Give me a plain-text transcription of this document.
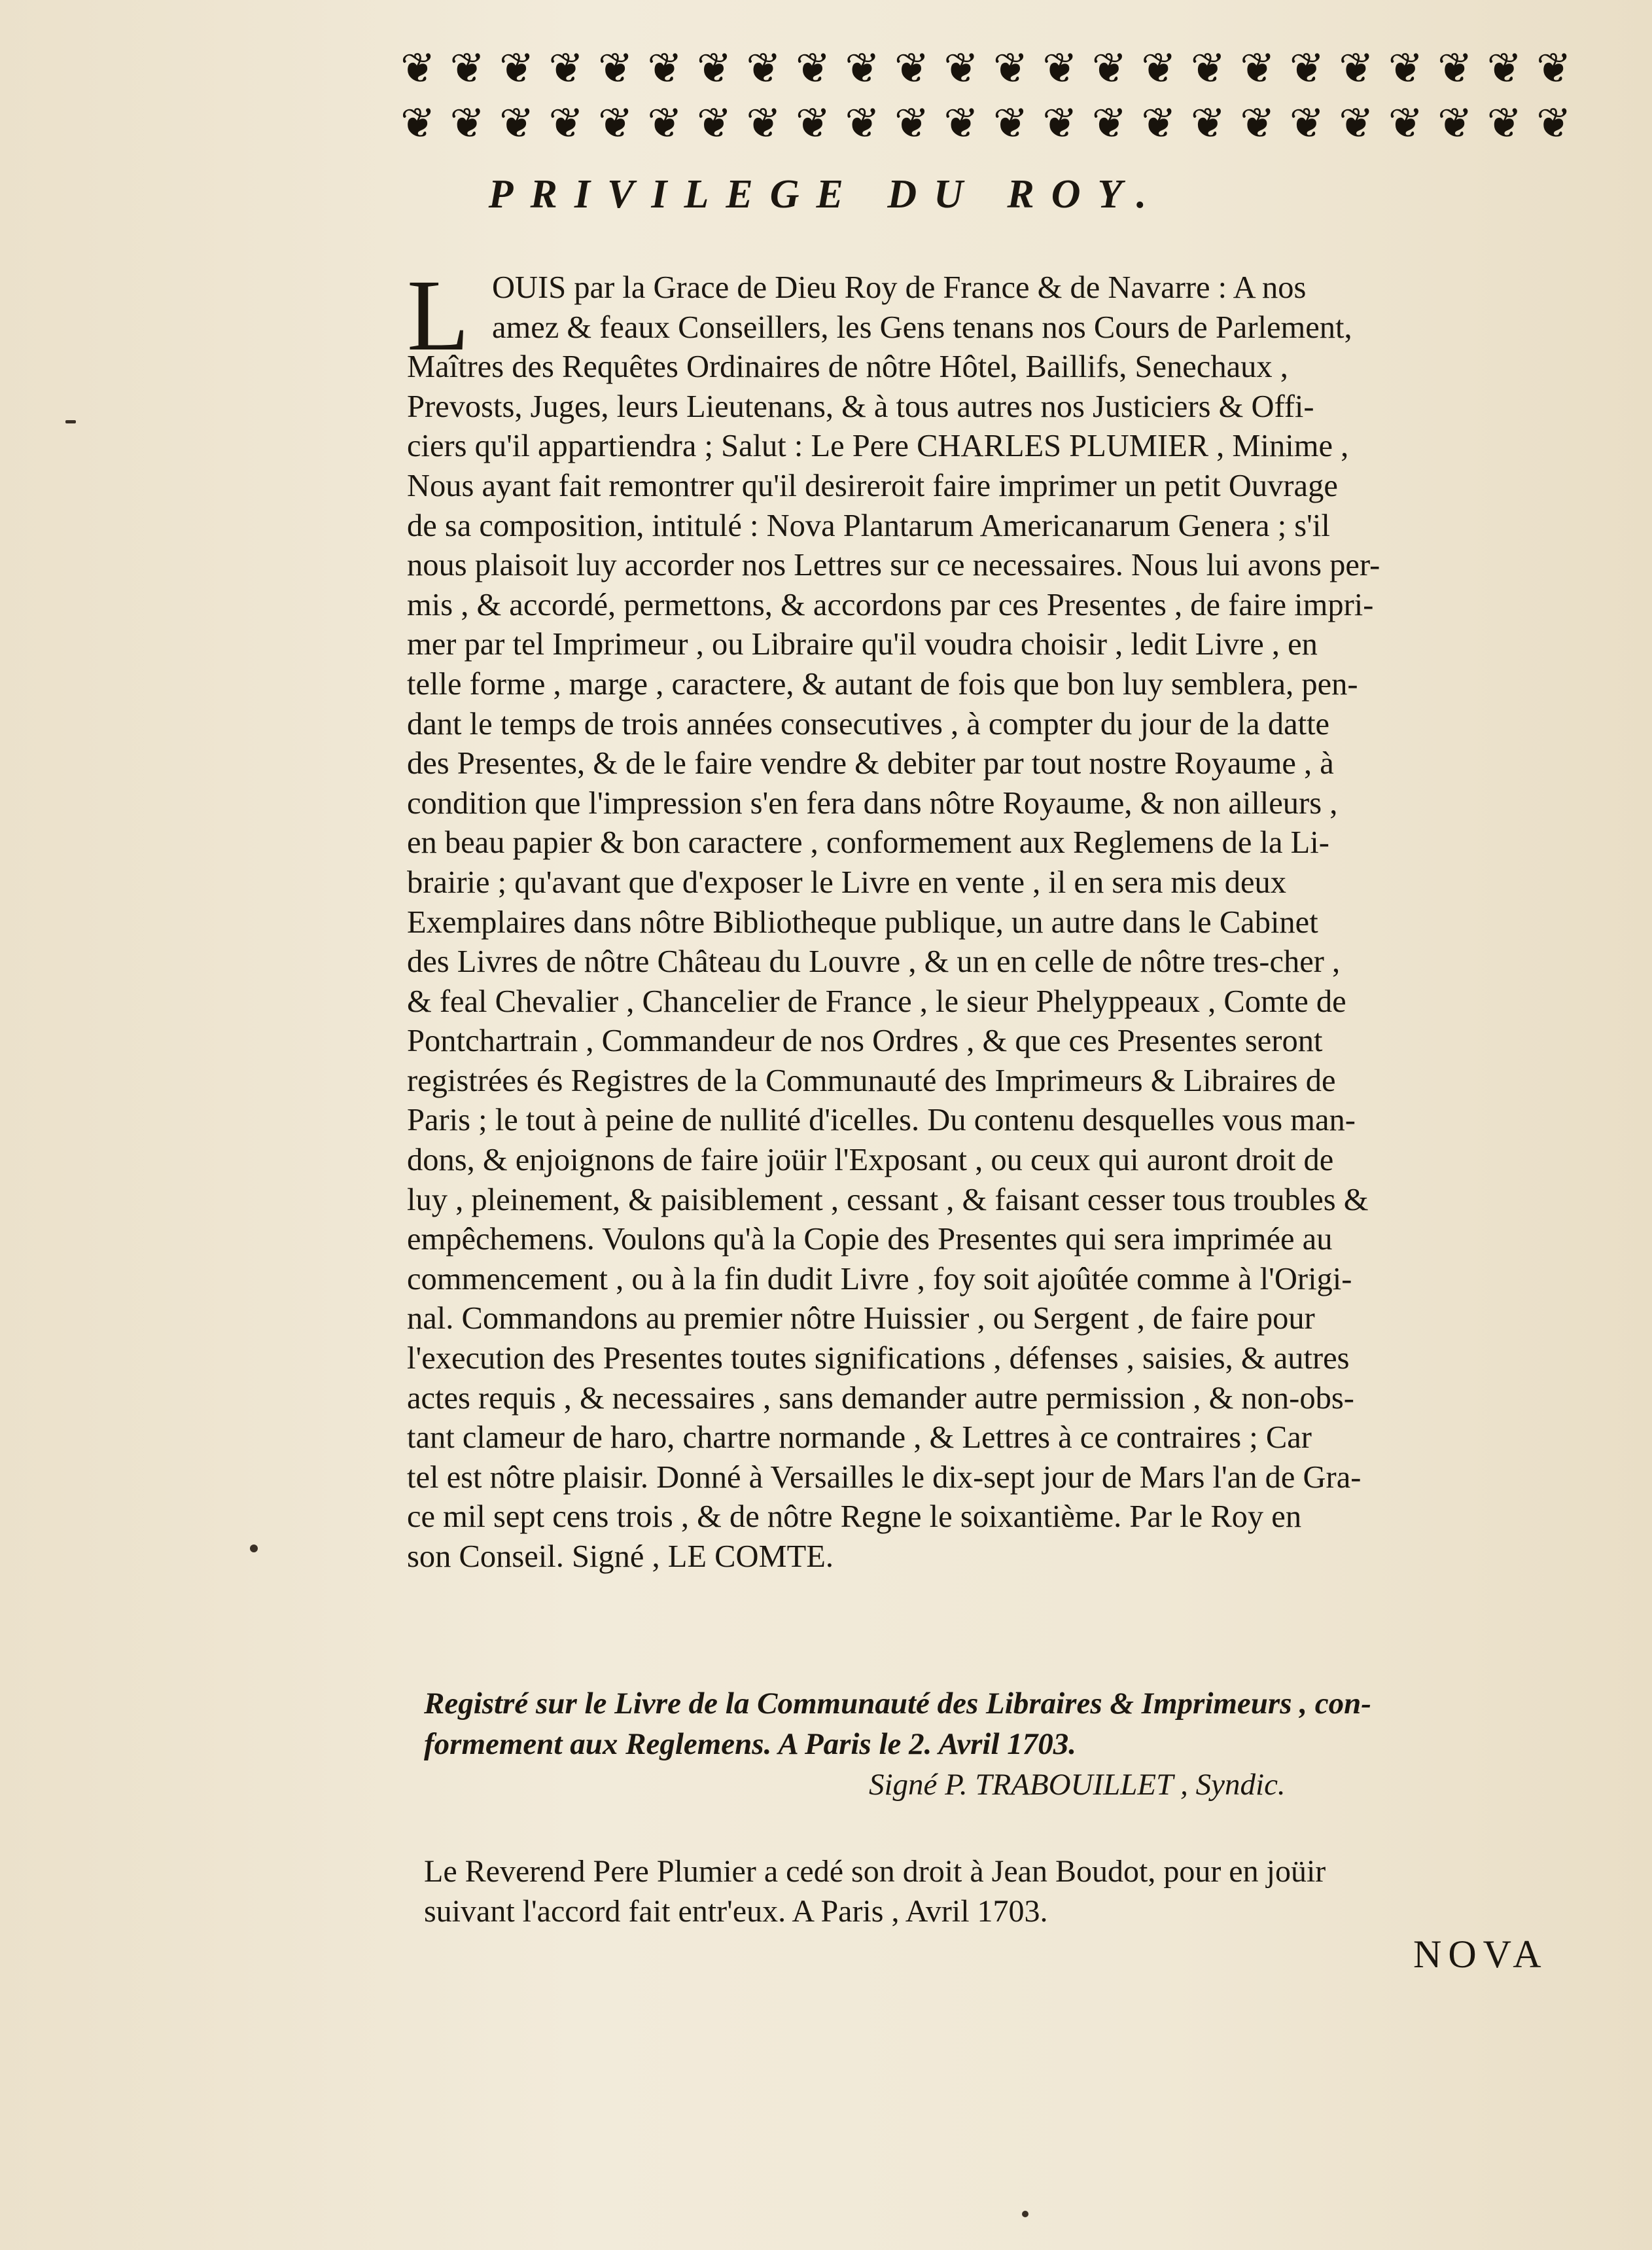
❦ ❦ ❦ ❦ ❦ ❦ ❦ ❦ ❦ ❦ ❦ ❦ ❦ ❦ ❦ ❦ ❦ ❦ ❦ ❦ ❦ ❦ ❦ ❦
❦ ❦ ❦ ❦ ❦ ❦ ❦ ❦ ❦ ❦ ❦ ❦ ❦ ❦ ❦ ❦ ❦ ❦ ❦ ❦ ❦ ❦ ❦ ❦
PRIVILEGE DU ROY.
L OUIS par la Grace de Dieu Roy de France & de Navarre : A nos
amez & feaux Conseillers, les Gens tenans nos Cours de Parlement,
Maîtres des Requêtes Ordinaires de nôtre Hôtel, Baillifs, Senechaux ,
Prevosts, Juges, leurs Lieutenans, & à tous autres nos Justiciers & Offi-
ciers qu'il appartiendra ; Salut : Le Pere CHARLES PLUMIER , Minime ,
Nous ayant fait remontrer qu'il desireroit faire imprimer un petit Ouvrage
de sa composition, intitulé : Nova Plantarum Americanarum Genera ; s'il
nous plaisoit luy accorder nos Lettres sur ce necessaires. Nous lui avons per-
mis , & accordé, permettons, & accordons par ces Presentes , de faire impri-
mer par tel Imprimeur , ou Libraire qu'il voudra choisir , ledit Livre , en
telle forme , marge , caractere, & autant de fois que bon luy semblera, pen-
dant le temps de trois années consecutives , à compter du jour de la datte
des Presentes, & de le faire vendre & debiter par tout nostre Royaume , à
condition que l'impression s'en fera dans nôtre Royaume, & non ailleurs ,
en beau papier & bon caractere , conformement aux Reglemens de la Li-
brairie ; qu'avant que d'exposer le Livre en vente , il en sera mis deux
Exemplaires dans nôtre Bibliotheque publique, un autre dans le Cabinet
des Livres de nôtre Château du Louvre , & un en celle de nôtre tres-cher ,
& feal Chevalier , Chancelier de France , le sieur Phelyppeaux , Comte de
Pontchartrain , Commandeur de nos Ordres , & que ces Presentes seront
registrées és Registres de la Communauté des Imprimeurs & Libraires de
Paris ; le tout à peine de nullité d'icelles. Du contenu desquelles vous man-
dons, & enjoignons de faire joüir l'Exposant , ou ceux qui auront droit de
luy , pleinement, & paisiblement , cessant , & faisant cesser tous troubles &
empêchemens. Voulons qu'à la Copie des Presentes qui sera imprimée au
commencement , ou à la fin dudit Livre , foy soit ajoûtée comme à l'Origi-
nal. Commandons au premier nôtre Huissier , ou Sergent , de faire pour
l'execution des Presentes toutes significations , défenses , saisies, & autres
actes requis , & necessaires , sans demander autre permission , & non-obs-
tant clameur de haro, chartre normande , & Lettres à ce contraires ; Car
tel est nôtre plaisir. Donné à Versailles le dix-sept jour de Mars l'an de Gra-
ce mil sept cens trois , & de nôtre Regne le soixantième. Par le Roy en
son Conseil. Signé , LE COMTE.
Registré sur le Livre de la Communauté des Libraires & Imprimeurs , con-
formement aux Reglemens. A Paris le 2. Avril 1703.
Signé P. TRABOUILLET , Syndic.
Le Reverend Pere Plumier a cedé son droit à Jean Boudot, pour en joüir
suivant l'accord fait entr'eux. A Paris , Avril 1703.
NOVA
